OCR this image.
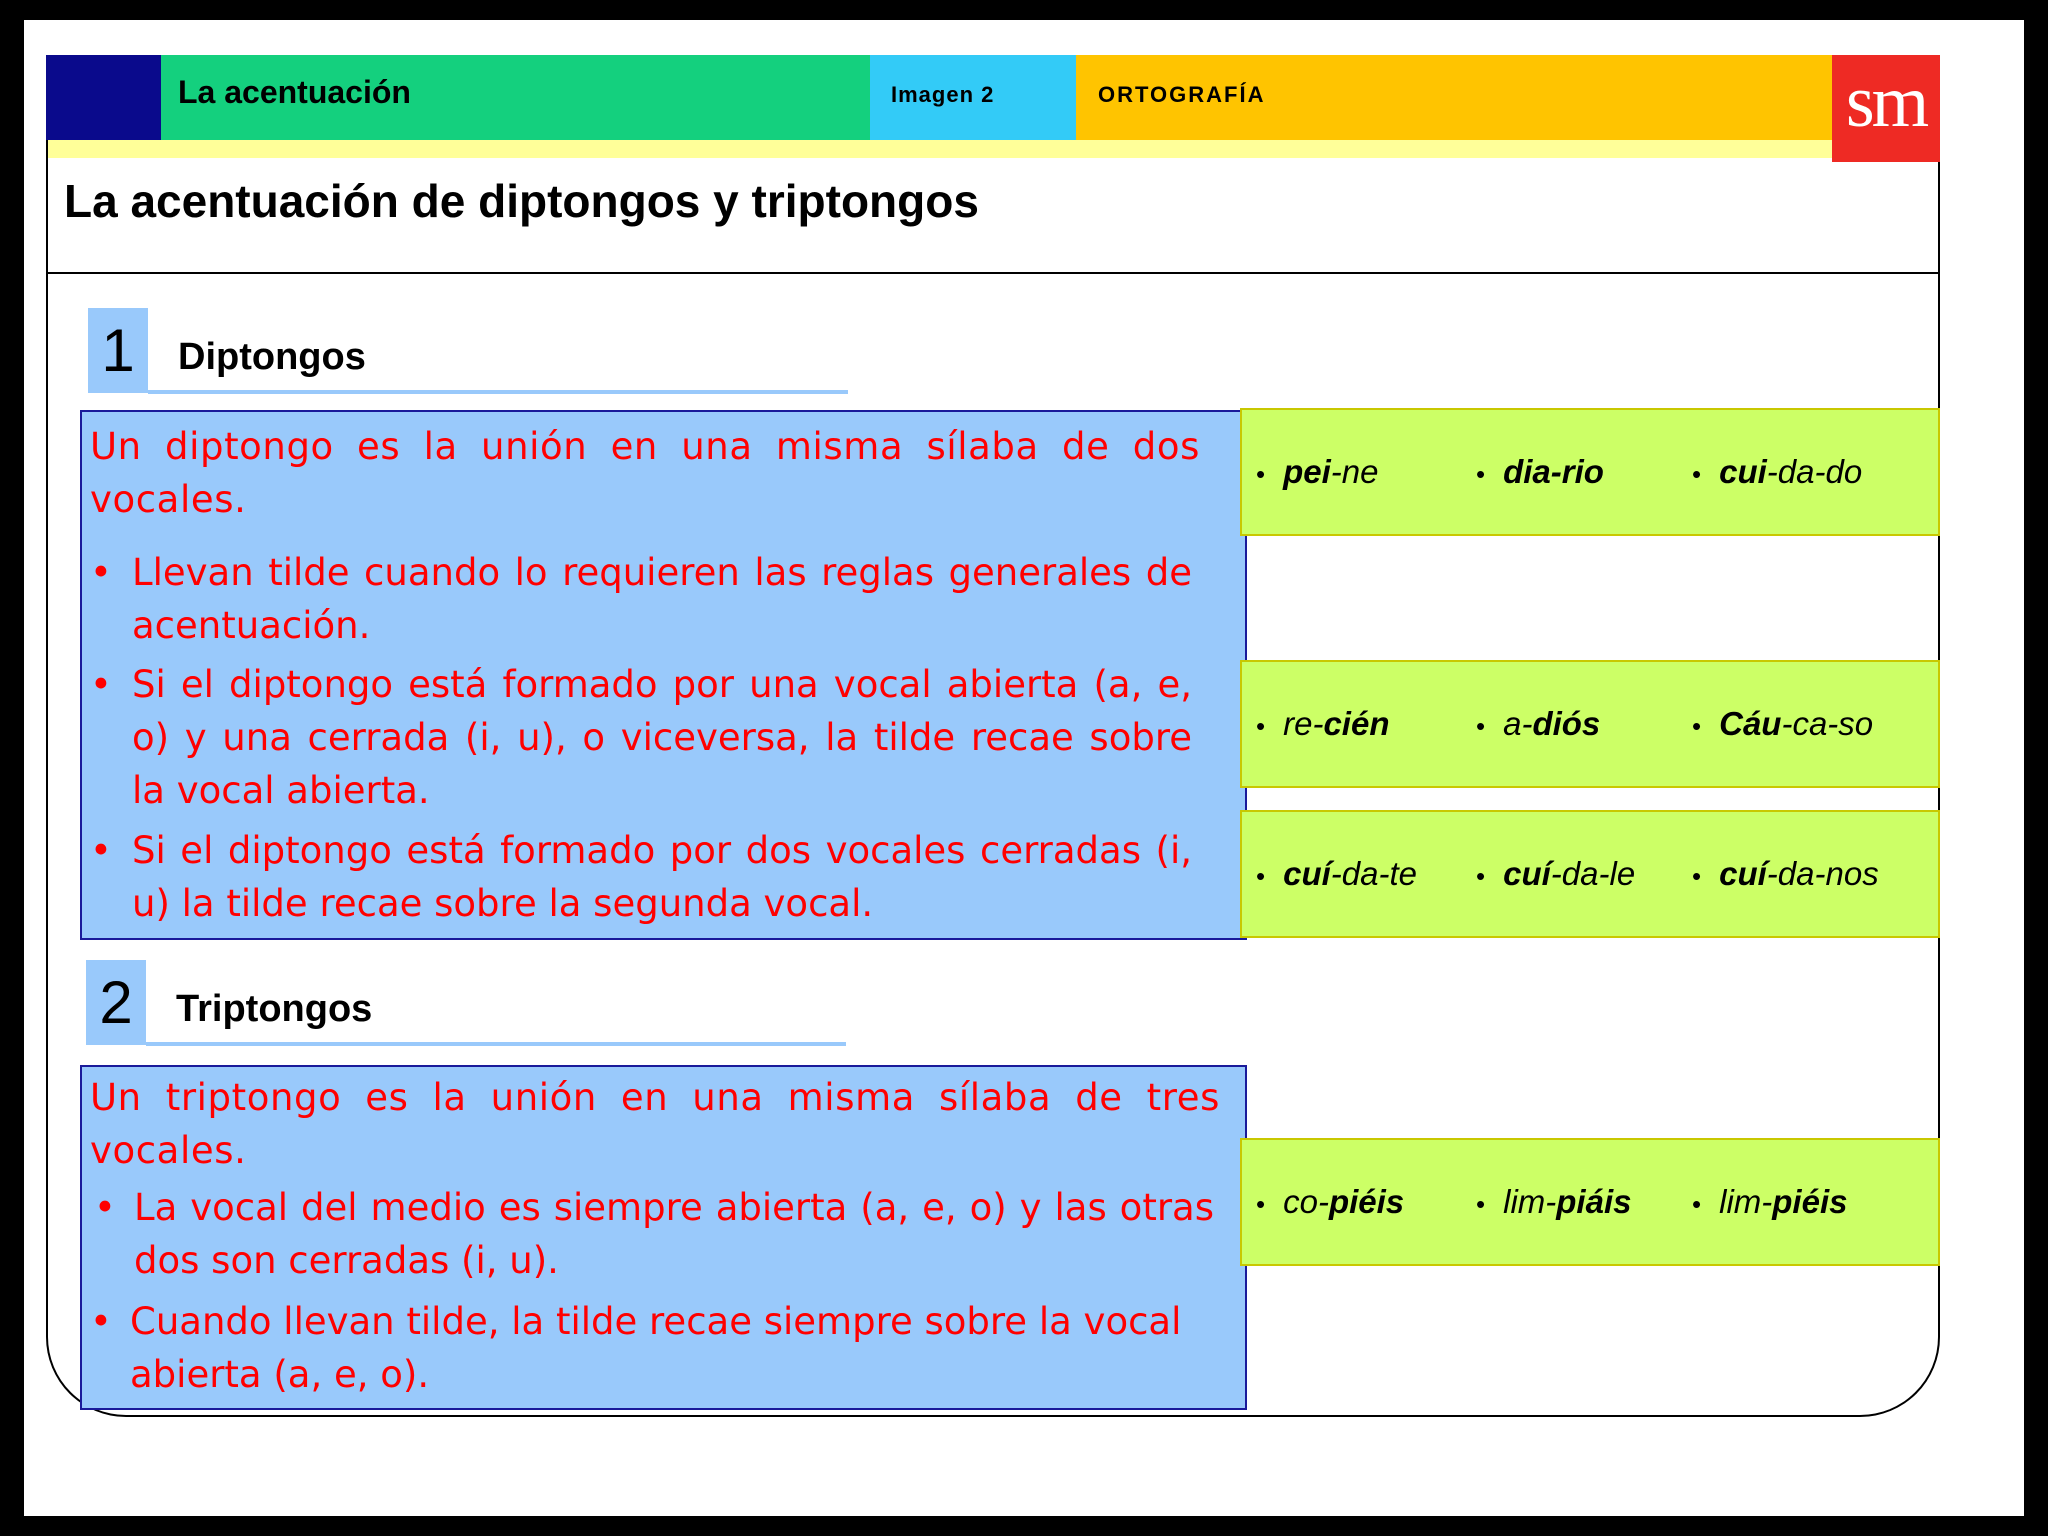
La acentuación	Imagen 2	ORTOGRAFÍA	sm
La acentuación de diptongos y triptongos
1	Diptongos
Un diptongo es la unión en una misma sílaba de dos vocales.
• Llevan tilde cuando lo requieren las reglas generales de acentuación.
• Si el diptongo está formado por una vocal abierta (a, e, o) y una cerrada (i, u), o viceversa, la tilde recae sobre la vocal abierta.
• Si el diptongo está formado por dos vocales cerradas (i, u) la tilde recae sobre la segunda vocal.
2	Triptongos
Un triptongo es la unión en una misma sílaba de tres vocales.
• La vocal del medio es siempre abierta (a, e, o) y las otras dos son cerradas (i, u).
• Cuando llevan tilde, la tilde recae siempre sobre la vocal abierta (a, e, o).
• pei-ne	• dia-rio	• cui-da-do
• re-cién	• a-diós	• Cáu-ca-so
• cuí-da-te • cuí-da-le • cuí-da-nos
• co-piéis	• lim-piáis • lim-piéis
